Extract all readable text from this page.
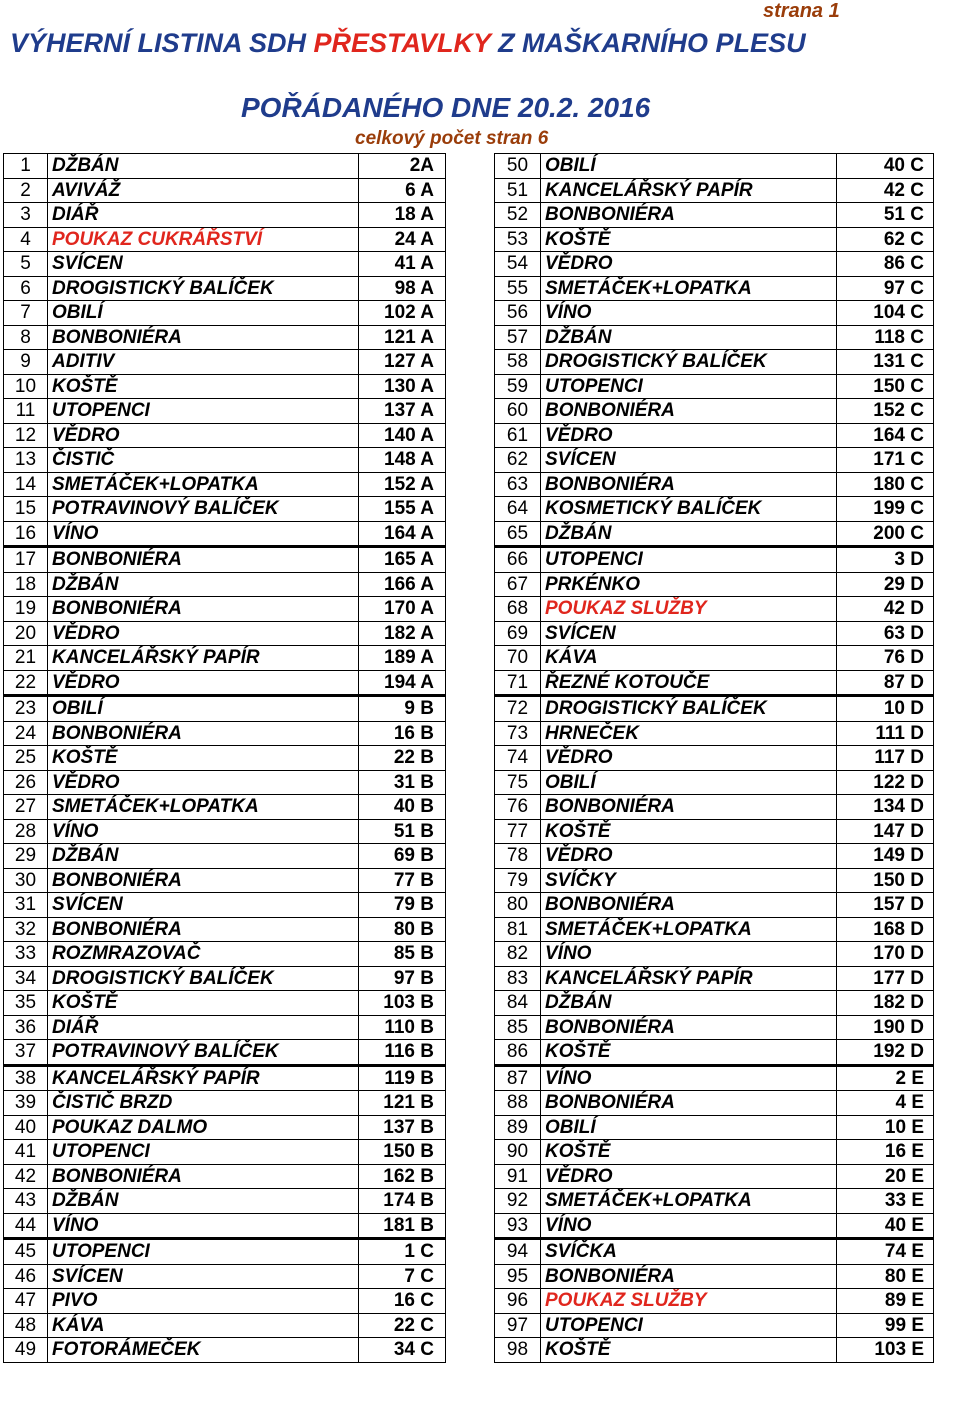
strana 1
VÝHERNÍ LISTINA SDH PŘESTAVLKY Z MAŠKARNÍHO PLESU
POŘÁDANÉHO DNE 20.2. 2016
celkový počet stran 6
1	DŽBÁN	2A
2	AVIVÁŽ	6 A
3	DIÁŘ	18 A
4	POUKAZ CUKRÁŘSTVÍ	24 A
5	SVÍCEN	41 A
6	DROGISTICKÝ BALÍČEK	98 A
7	OBILÍ	102 A
8	BONBONIÉRA	121 A
9	ADITIV	127 A
10	KOŠTĚ	130 A
11	UTOPENCI	137 A
12	VĚDRO	140 A
13	ČISTIČ	148 A
14	SMETÁČEK+LOPATKA	152 A
15	POTRAVINOVÝ BALÍČEK	155 A
16	VÍNO	164 A
17	BONBONIÉRA	165 A
18	DŽBÁN	166 A
19	BONBONIÉRA	170 A
20	VĚDRO	182 A
21	KANCELÁŘSKÝ PAPÍR	189 A
22	VĚDRO	194 A
23	OBILÍ	9 B
24	BONBONIÉRA	16 B
25	KOŠTĚ	22 B
26	VĚDRO	31 B
27	SMETÁČEK+LOPATKA	40 B
28	VÍNO	51 B
29	DŽBÁN	69 B
30	BONBONIÉRA	77 B
31	SVÍCEN	79 B
32	BONBONIÉRA	80 B
33	ROZMRAZOVAČ	85 B
34	DROGISTICKÝ BALÍČEK	97 B
35	KOŠTĚ	103 B
36	DIÁŘ	110 B
37	POTRAVINOVÝ BALÍČEK	116 B
38	KANCELÁŘSKÝ PAPÍR	119 B
39	ČISTIČ BRZD	121 B
40	POUKAZ DALMO	137 B
41	UTOPENCI	150 B
42	BONBONIÉRA	162 B
43	DŽBÁN	174 B
44	VÍNO	181 B
45	UTOPENCI	1 C
46	SVÍCEN	7 C
47	PIVO	16 C
48	KÁVA	22 C
49	FOTORÁMEČEK	34 C
50	OBILÍ	40 C
51	KANCELÁŘSKÝ PAPÍR	42 C
52	BONBONIÉRA	51 C
53	KOŠTĚ	62 C
54	VĚDRO	86 C
55	SMETÁČEK+LOPATKA	97 C
56	VÍNO	104 C
57	DŽBÁN	118 C
58	DROGISTICKÝ BALÍČEK	131 C
59	UTOPENCI	150 C
60	BONBONIÉRA	152 C
61	VĚDRO	164 C
62	SVÍCEN	171 C
63	BONBONIÉRA	180 C
64	KOSMETICKÝ BALÍČEK	199 C
65	DŽBÁN	200 C
66	UTOPENCI	3 D
67	PRKÉNKO	29 D
68	POUKAZ SLUŽBY	42 D
69	SVÍCEN	63 D
70	KÁVA	76 D
71	ŘEZNÉ KOTOUČE	87 D
72	DROGISTICKÝ BALÍČEK	10 D
73	HRNEČEK	111 D
74	VĚDRO	117 D
75	OBILÍ	122 D
76	BONBONIÉRA	134 D
77	KOŠTĚ	147 D
78	VĚDRO	149 D
79	SVÍČKY	150 D
80	BONBONIÉRA	157 D
81	SMETÁČEK+LOPATKA	168 D
82	VÍNO	170 D
83	KANCELÁŘSKÝ PAPÍR	177 D
84	DŽBÁN	182 D
85	BONBONIÉRA	190 D
86	KOŠTĚ	192 D
87	VÍNO	2 E
88	BONBONIÉRA	4 E
89	OBILÍ	10 E
90	KOŠTĚ	16 E
91	VĚDRO	20 E
92	SMETÁČEK+LOPATKA	33 E
93	VÍNO	40 E
94	SVÍČKA	74 E
95	BONBONIÉRA	80 E
96	POUKAZ SLUŽBY	89 E
97	UTOPENCI	99 E
98	KOŠTĚ	103 E
